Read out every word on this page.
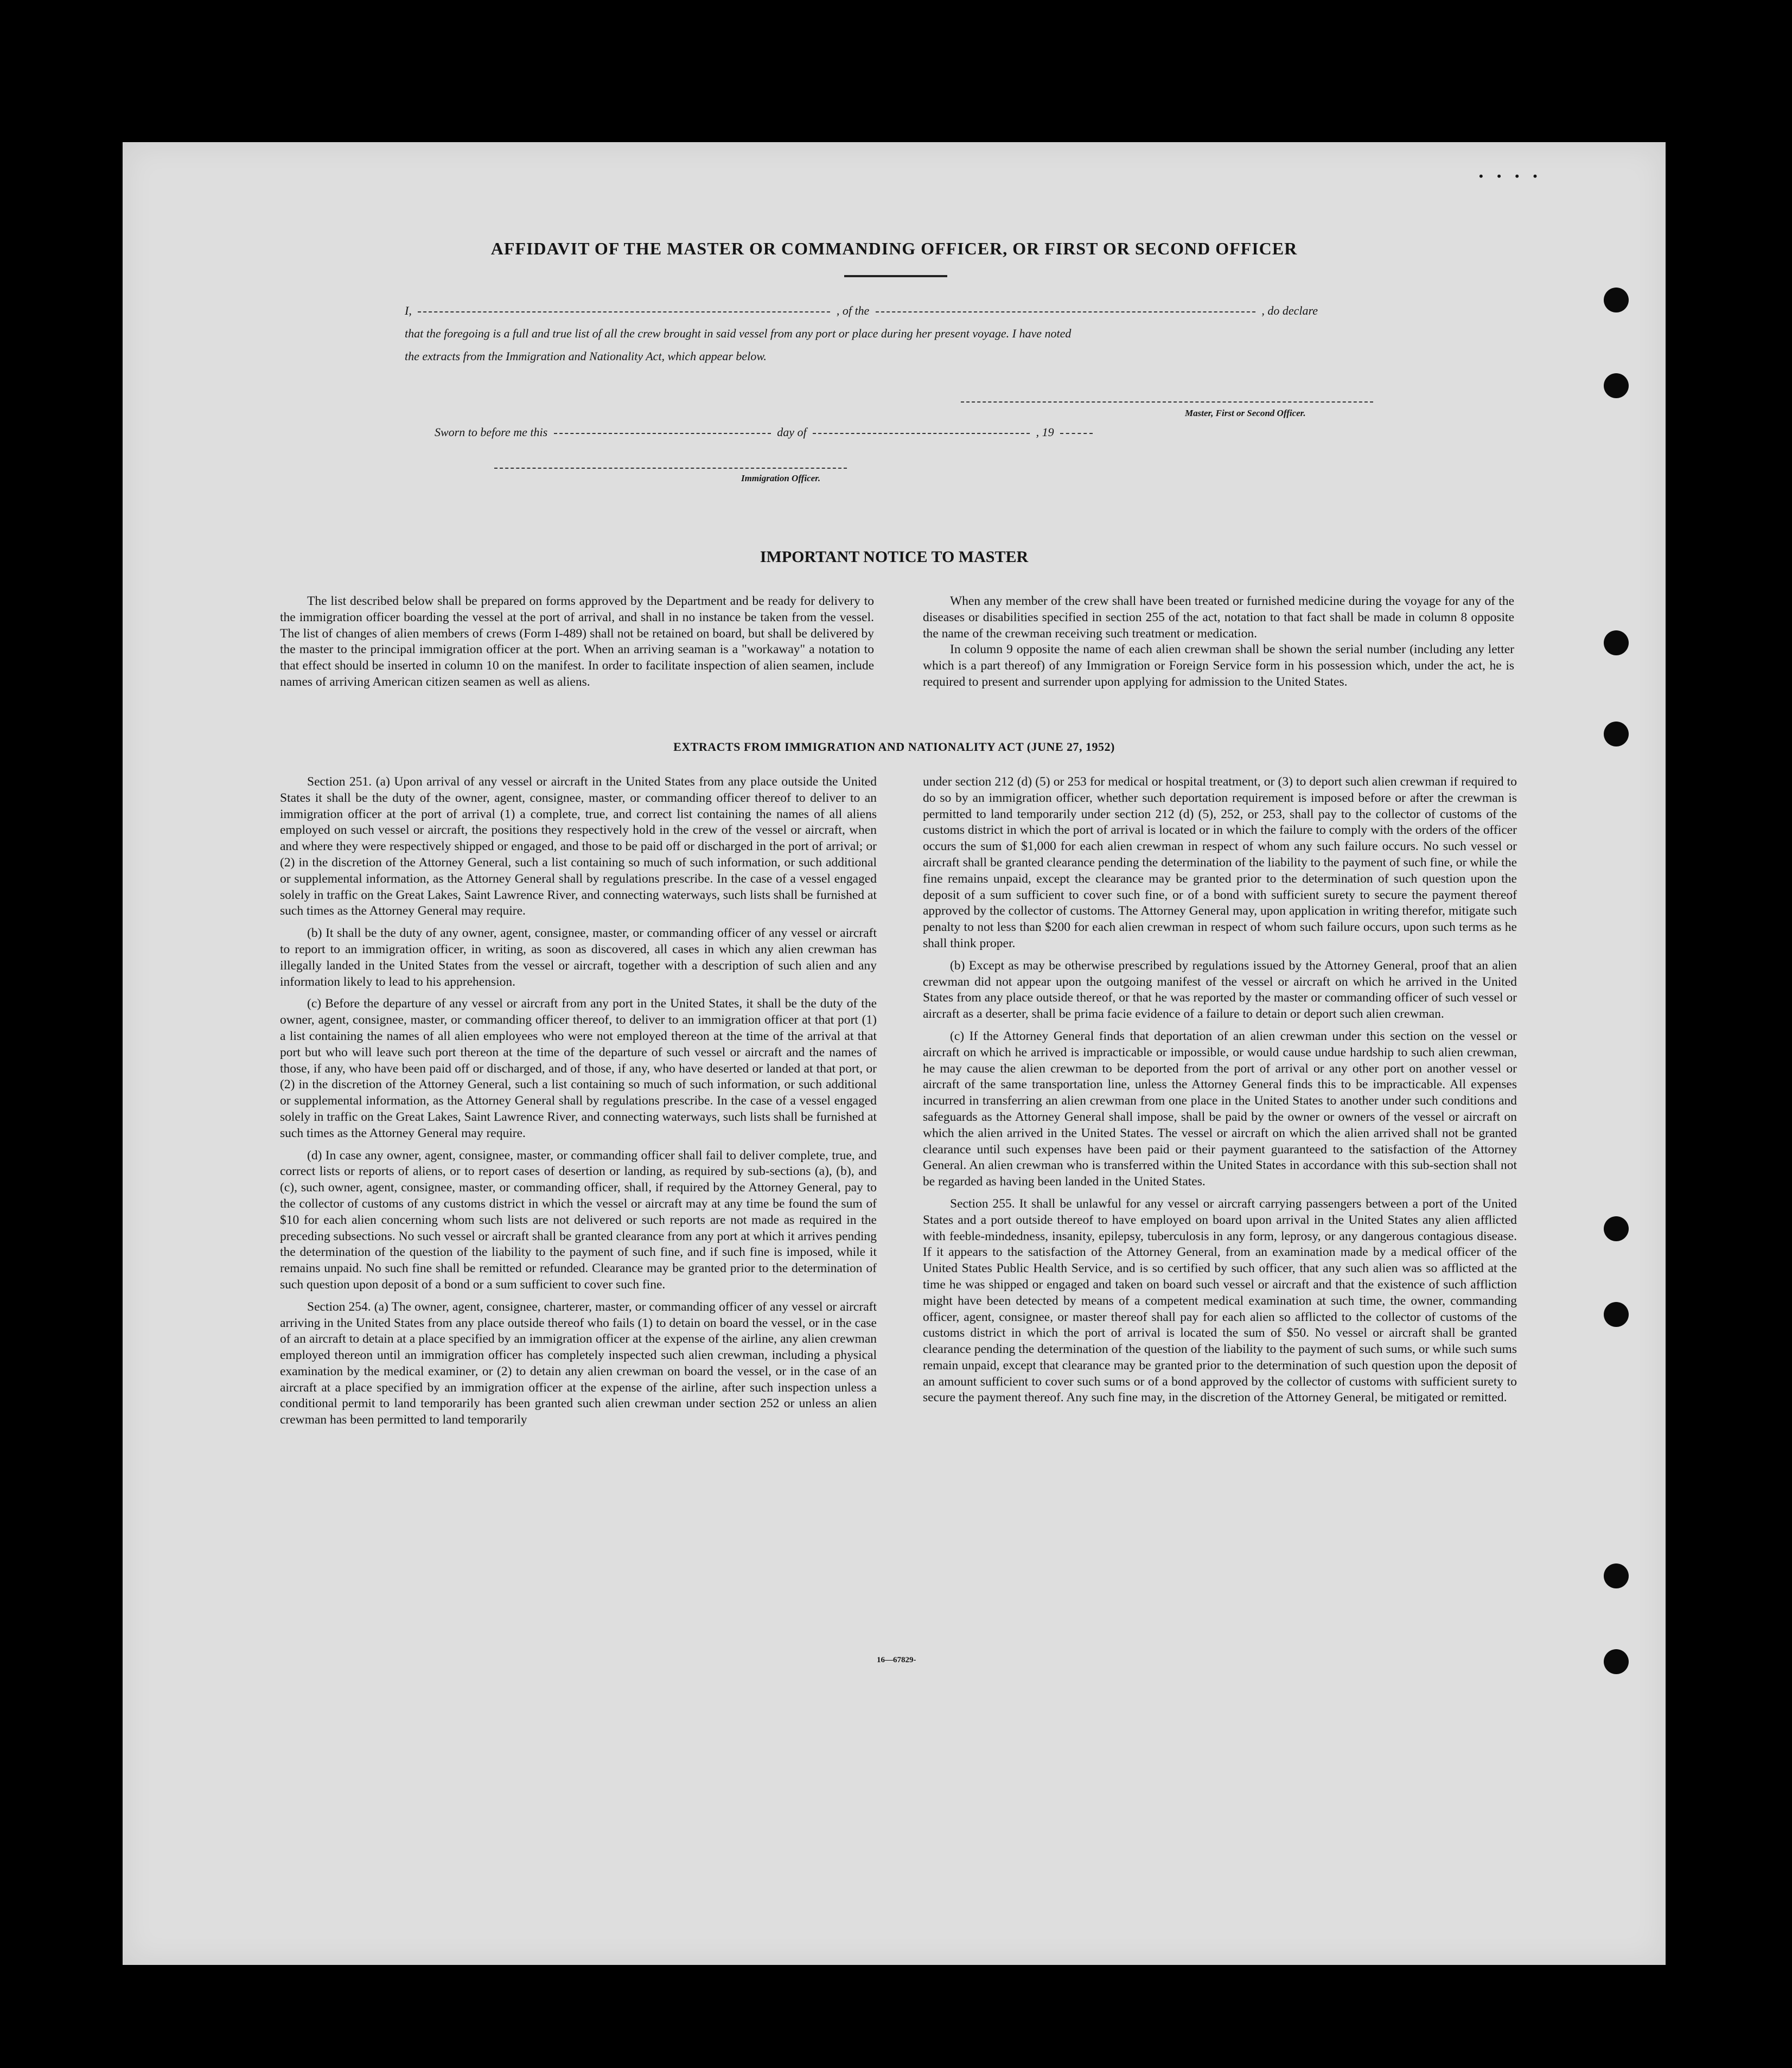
• • • •
AFFIDAVIT OF THE MASTER OR COMMANDING OFFICER, OR FIRST OR SECOND OFFICER
I,	, of the	, do declare
that the foregoing is a full and true list of all the crew brought in said vessel from any port or place during her present voyage. I have noted
the extracts from the Immigration and Nationality Act, which appear below.
Master, First or Second Officer.
Sworn to before me this	day of	, 19
Immigration Officer.
IMPORTANT NOTICE TO MASTER

The list described below shall be prepared on forms approved by the Department and be ready for delivery to the immigration officer boarding the vessel at the port of arrival, and shall in no instance be taken from the vessel. The list of changes of alien members of crews (Form I-489) shall not be retained on board, but shall be delivered by the master to the principal immigration officer at the port. When an arriving seaman is a "workaway" a notation to that effect should be inserted in column 10 on the manifest. In order to facilitate inspection of alien seamen, include names of arriving American citizen seamen as well as aliens.

When any member of the crew shall have been treated or furnished medicine during the voyage for any of the diseases or disabilities specified in section 255 of the act, notation to that fact shall be made in column 8 opposite the name of the crewman receiving such treatment or medication.

In column 9 opposite the name of each alien crewman shall be shown the serial number (including any letter which is a part thereof) of any Immigration or Foreign Service form in his possession which, under the act, he is required to present and surrender upon applying for admission to the United States.

EXTRACTS FROM IMMIGRATION AND NATIONALITY ACT (JUNE 27, 1952)

Section 251. (a) Upon arrival of any vessel or aircraft in the United States from any place outside the United States it shall be the duty of the owner, agent, consignee, master, or commanding officer thereof to deliver to an immigration officer at the port of arrival (1) a complete, true, and correct list containing the names of all aliens employed on such vessel or aircraft, the positions they respectively hold in the crew of the vessel or aircraft, when and where they were respectively shipped or engaged, and those to be paid off or discharged in the port of arrival; or (2) in the discretion of the Attorney General, such a list containing so much of such information, or such additional or supplemental information, as the Attorney General shall by regulations prescribe. In the case of a vessel engaged solely in traffic on the Great Lakes, Saint Lawrence River, and connecting waterways, such lists shall be furnished at such times as the Attorney General may require.

(b) It shall be the duty of any owner, agent, consignee, master, or commanding officer of any vessel or aircraft to report to an immigration officer, in writing, as soon as discovered, all cases in which any alien crewman has illegally landed in the United States from the vessel or aircraft, together with a description of such alien and any information likely to lead to his apprehension.

(c) Before the departure of any vessel or aircraft from any port in the United States, it shall be the duty of the owner, agent, consignee, master, or commanding officer thereof, to deliver to an immigration officer at that port (1) a list containing the names of all alien employees who were not employed thereon at the time of the arrival at that port but who will leave such port thereon at the time of the departure of such vessel or aircraft and the names of those, if any, who have been paid off or discharged, and of those, if any, who have deserted or landed at that port, or (2) in the discretion of the Attorney General, such a list containing so much of such information, or such additional or supplemental information, as the Attorney General shall by regulations prescribe. In the case of a vessel engaged solely in traffic on the Great Lakes, Saint Lawrence River, and connecting waterways, such lists shall be furnished at such times as the Attorney General may require.

(d) In case any owner, agent, consignee, master, or commanding officer shall fail to deliver complete, true, and correct lists or reports of aliens, or to report cases of desertion or landing, as required by sub-sections (a), (b), and (c), such owner, agent, consignee, master, or commanding officer, shall, if required by the Attorney General, pay to the collector of customs of any customs district in which the vessel or aircraft may at any time be found the sum of $10 for each alien concerning whom such lists are not delivered or such reports are not made as required in the preceding subsections. No such vessel or aircraft shall be granted clearance from any port at which it arrives pending the determination of the question of the liability to the payment of such fine, and if such fine is imposed, while it remains unpaid. No such fine shall be remitted or refunded. Clearance may be granted prior to the determination of such question upon deposit of a bond or a sum sufficient to cover such fine.

Section 254. (a) The owner, agent, consignee, charterer, master, or commanding officer of any vessel or aircraft arriving in the United States from any place outside thereof who fails (1) to detain on board the vessel, or in the case of an aircraft to detain at a place specified by an immigration officer at the expense of the airline, any alien crewman employed thereon until an immigration officer has completely inspected such alien crewman, including a physical examination by the medical examiner, or (2) to detain any alien crewman on board the vessel, or in the case of an aircraft at a place specified by an immigration officer at the expense of the airline, after such inspection unless a conditional permit to land temporarily has been granted such alien crewman under section 252 or unless an alien crewman has been permitted to land temporarily

under section 212 (d) (5) or 253 for medical or hospital treatment, or (3) to deport such alien crewman if required to do so by an immigration officer, whether such deportation requirement is imposed before or after the crewman is permitted to land temporarily under section 212 (d) (5), 252, or 253, shall pay to the collector of customs of the customs district in which the port of arrival is located or in which the failure to comply with the orders of the officer occurs the sum of $1,000 for each alien crewman in respect of whom any such failure occurs. No such vessel or aircraft shall be granted clearance pending the determination of the liability to the payment of such fine, or while the fine remains unpaid, except the clearance may be granted prior to the determination of such question upon the deposit of a sum sufficient to cover such fine, or of a bond with sufficient surety to secure the payment thereof approved by the collector of customs. The Attorney General may, upon application in writing therefor, mitigate such penalty to not less than $200 for each alien crewman in respect of whom such failure occurs, upon such terms as he shall think proper.

(b) Except as may be otherwise prescribed by regulations issued by the Attorney General, proof that an alien crewman did not appear upon the outgoing manifest of the vessel or aircraft on which he arrived in the United States from any place outside thereof, or that he was reported by the master or commanding officer of such vessel or aircraft as a deserter, shall be prima facie evidence of a failure to detain or deport such alien crewman.

(c) If the Attorney General finds that deportation of an alien crewman under this section on the vessel or aircraft on which he arrived is impracticable or impossible, or would cause undue hardship to such alien crewman, he may cause the alien crewman to be deported from the port of arrival or any other port on another vessel or aircraft of the same transportation line, unless the Attorney General finds this to be impracticable. All expenses incurred in transferring an alien crewman from one place in the United States to another under such conditions and safeguards as the Attorney General shall impose, shall be paid by the owner or owners of the vessel or aircraft on which the alien arrived in the United States. The vessel or aircraft on which the alien arrived shall not be granted clearance until such expenses have been paid or their payment guaranteed to the satisfaction of the Attorney General. An alien crewman who is transferred within the United States in accordance with this sub-section shall not be regarded as having been landed in the United States.

Section 255. It shall be unlawful for any vessel or aircraft carrying passengers between a port of the United States and a port outside thereof to have employed on board upon arrival in the United States any alien afflicted with feeble-mindedness, insanity, epilepsy, tuberculosis in any form, leprosy, or any dangerous contagious disease. If it appears to the satisfaction of the Attorney General, from an examination made by a medical officer of the United States Public Health Service, and is so certified by such officer, that any such alien was so afflicted at the time he was shipped or engaged and taken on board such vessel or aircraft and that the existence of such affliction might have been detected by means of a competent medical examination at such time, the owner, commanding officer, agent, consignee, or master thereof shall pay for each alien so afflicted to the collector of customs of the customs district in which the port of arrival is located the sum of $50. No vessel or aircraft shall be granted clearance pending the determination of the question of the liability to the payment of such sums, or while such sums remain unpaid, except that clearance may be granted prior to the determination of such question upon the deposit of an amount sufficient to cover such sums or of a bond approved by the collector of customs with sufficient surety to secure the payment thereof. Any such fine may, in the discretion of the Attorney General, be mitigated or remitted.

16—67829-
